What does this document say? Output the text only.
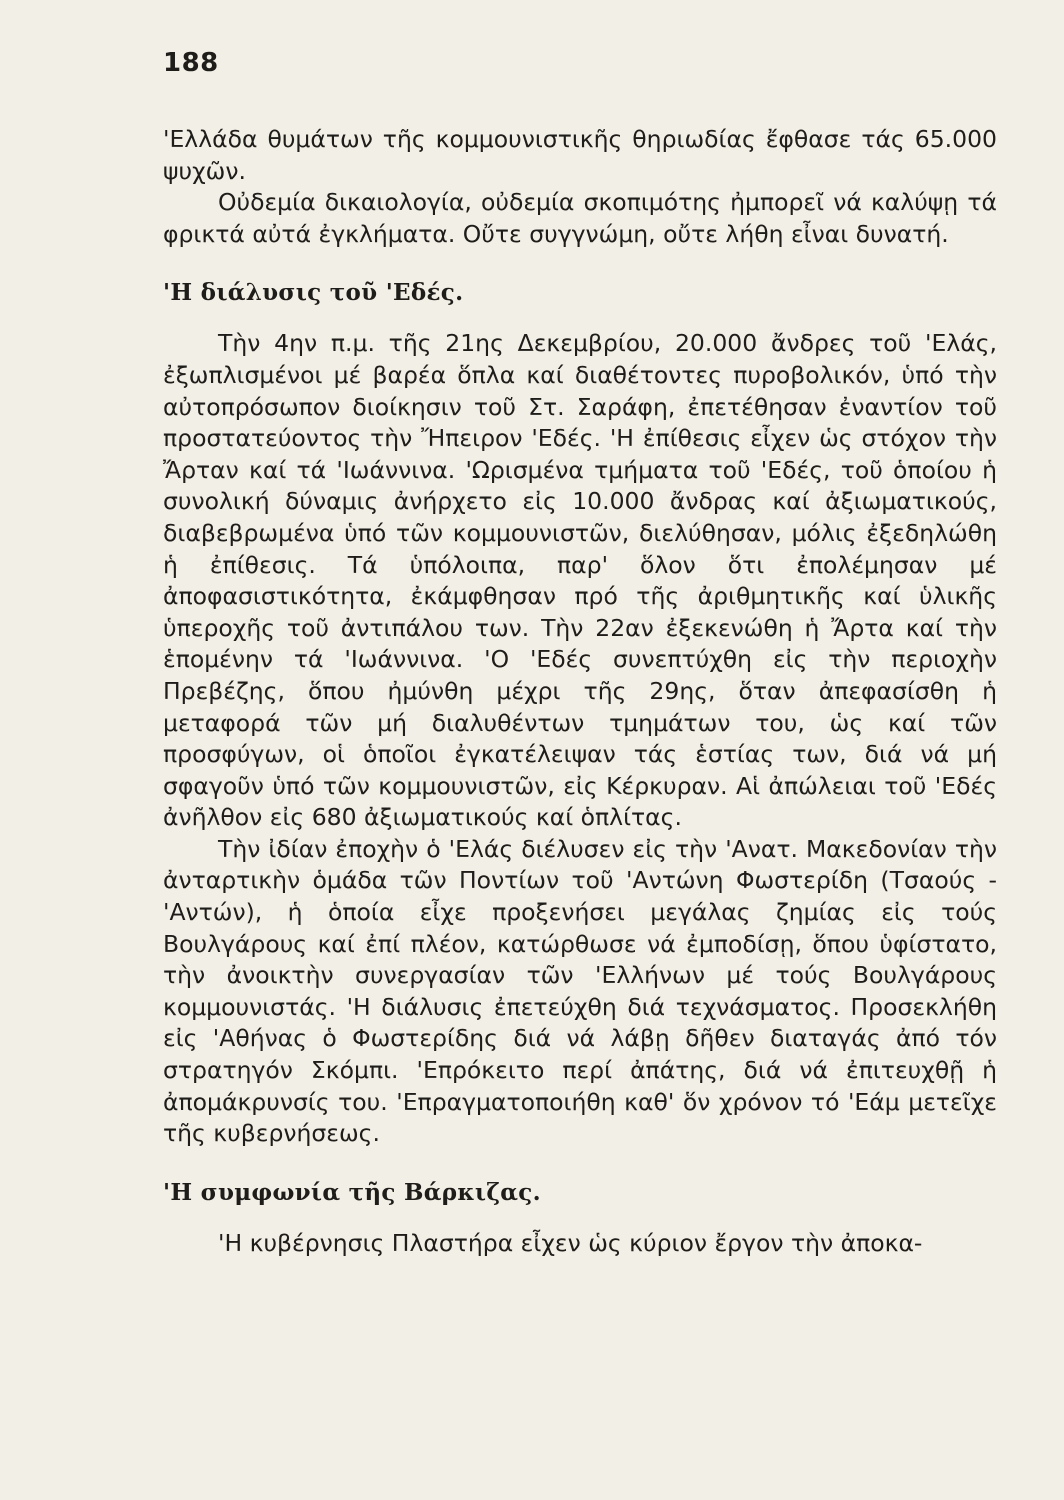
188

'Ελλάδα θυμάτων τῆς κομμουνιστικῆς θηριωδίας ἔφθασε τάς 65.000 ψυχῶν.

Οὐδεμία δικαιολογία, οὐδεμία σκοπιμότης ἠμπορεῖ νά καλύψῃ τά φρικτά αὐτά ἐγκλήματα. Οὔτε συγγνώμη, οὔτε λήθη εἶναι δυνατή.

'Η διάλυσις τοῦ 'Εδές.

Τὴν 4ην π.μ. τῆς 21ης Δεκεμβρίου, 20.000 ἄνδρες τοῦ 'Ελάς, ἐξωπλισμένοι μέ βαρέα ὅπλα καί διαθέτοντες πυροβολικόν, ὑπό τὴν αὐτοπρόσωπον διοίκησιν τοῦ Στ. Σαράφη, ἐπετέθησαν ἐναντίον τοῦ προστατεύοντος τὴν Ἤπειρον 'Εδές. 'Η ἐπίθεσις εἶχεν ὡς στόχον τὴν Ἄρταν καί τά 'Ιωάννινα. 'Ωρισμένα τμήματα τοῦ 'Εδές, τοῦ ὁποίου ἡ συνολική δύναμις ἀνήρχετο εἰς 10.000 ἄνδρας καί ἀξιωματικούς, διαβεβρωμένα ὑπό τῶν κομμουνιστῶν, διελύθησαν, μόλις ἐξεδηλώθη ἡ ἐπίθεσις. Τά ὑπόλοιπα, παρ' ὅλον ὅτι ἐπολέμησαν μέ ἀποφασιστικότητα, ἐκάμφθησαν πρό τῆς ἀριθμητικῆς καί ὑλικῆς ὑπεροχῆς τοῦ ἀντιπάλου των. Τὴν 22αν ἐξεκενώθη ἡ Ἄρτα καί τὴν ἑπομένην τά 'Ιωάννινα. 'Ο 'Εδές συνεπτύχθη εἰς τὴν περιοχὴν Πρεβέζης, ὅπου ἠμύνθη μέχρι τῆς 29ης, ὅταν ἀπεφασίσθη ἡ μεταφορά τῶν μή διαλυθέντων τμημάτων του, ὡς καί τῶν προσφύγων, οἱ ὁποῖοι ἐγκατέλειψαν τάς ἑστίας των, διά νά μή σφαγοῦν ὑπό τῶν κομμουνιστῶν, εἰς Κέρκυραν. Αἱ ἀπώλειαι τοῦ 'Εδές ἀνῆλθον εἰς 680 ἀξιωματικούς καί ὁπλίτας.

Τὴν ἰδίαν ἐποχὴν ὁ 'Ελάς διέλυσεν εἰς τὴν 'Ανατ. Μακεδονίαν τὴν ἀνταρτικὴν ὁμάδα τῶν Ποντίων τοῦ 'Αντώνη Φωστερίδη (Τσαούς - 'Αντών), ἡ ὁποία εἶχε προξενήσει μεγάλας ζημίας εἰς τούς Βουλγάρους καί ἐπί πλέον, κατώρθωσε νά ἐμποδίσῃ, ὅπου ὑφίστατο, τὴν ἀνοικτὴν συνεργασίαν τῶν 'Ελλήνων μέ τούς Βουλγάρους κομμουνιστάς. 'Η διάλυσις ἐπετεύχθη διά τεχνάσματος. Προσεκλήθη εἰς 'Αθήνας ὁ Φωστερίδης διά νά λάβῃ δῆθεν διαταγάς ἀπό τόν στρατηγόν Σκόμπι. 'Επρόκειτο περί ἀπάτης, διά νά ἐπιτευχθῇ ἡ ἀπομάκρυνσίς του. 'Επραγματοποιήθη καθ' ὅν χρόνον τό 'Εάμ μετεῖχε τῆς κυβερνήσεως.

'Η συμφωνία τῆς Βάρκιζας.

'Η κυβέρνησις Πλαστήρα εἶχεν ὡς κύριον ἔργον τὴν ἀποκα-
